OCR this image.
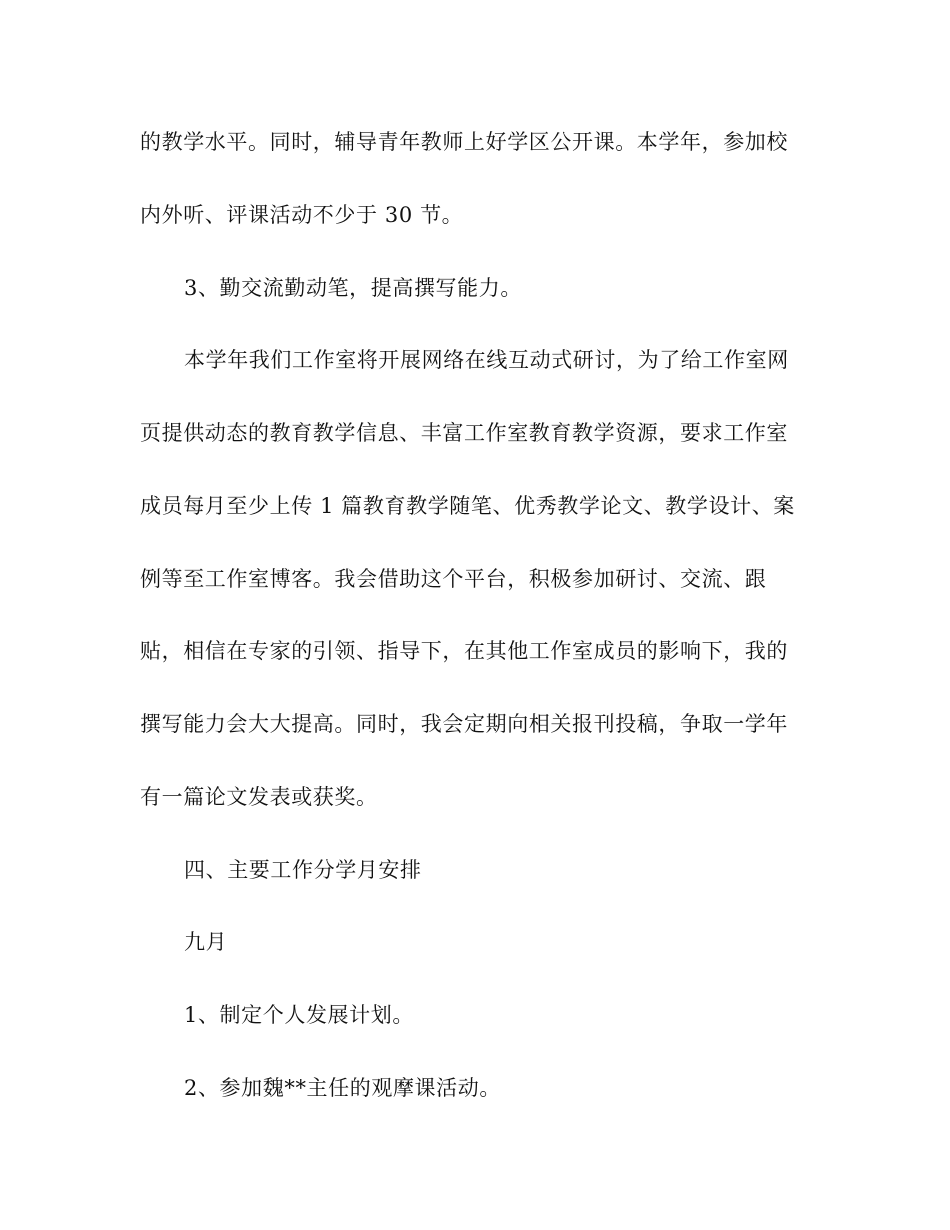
的教学水平。同时，辅导青年教师上好学区公开课。本学年，参加校
内外听、评课活动不少于 30 节。
3、勤交流勤动笔，提高撰写能力。
本学年我们工作室将开展网络在线互动式研讨，为了给工作室网
页提供动态的教育教学信息、丰富工作室教育教学资源，要求工作室
成员每月至少上传 1 篇教育教学随笔、优秀教学论文、教学设计、案
例等至工作室博客。我会借助这个平台，积极参加研讨、交流、跟
贴，相信在专家的引领、指导下，在其他工作室成员的影响下，我的
撰写能力会大大提高。同时，我会定期向相关报刊投稿，争取一学年
有一篇论文发表或获奖。
四、主要工作分学月安排
九月
1、制定个人发展计划。
2、参加魏**主任的观摩课活动。
